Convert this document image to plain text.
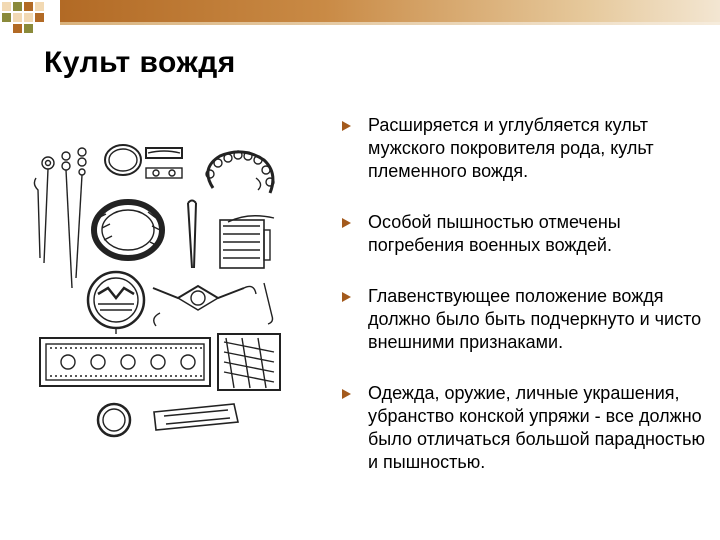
Культ вождя
Расширяется и углубляется культ мужского покровителя рода, культ племенного вождя.
Особой пышностью отмечены погребения военных вождей.
Главенствующее положение вождя должно было быть подчеркнуто и чисто внешними признаками.
Одежда, оружие, личные украшения, убранство конской упряжи - все должно было отличаться большой парадностью и пышностью.
